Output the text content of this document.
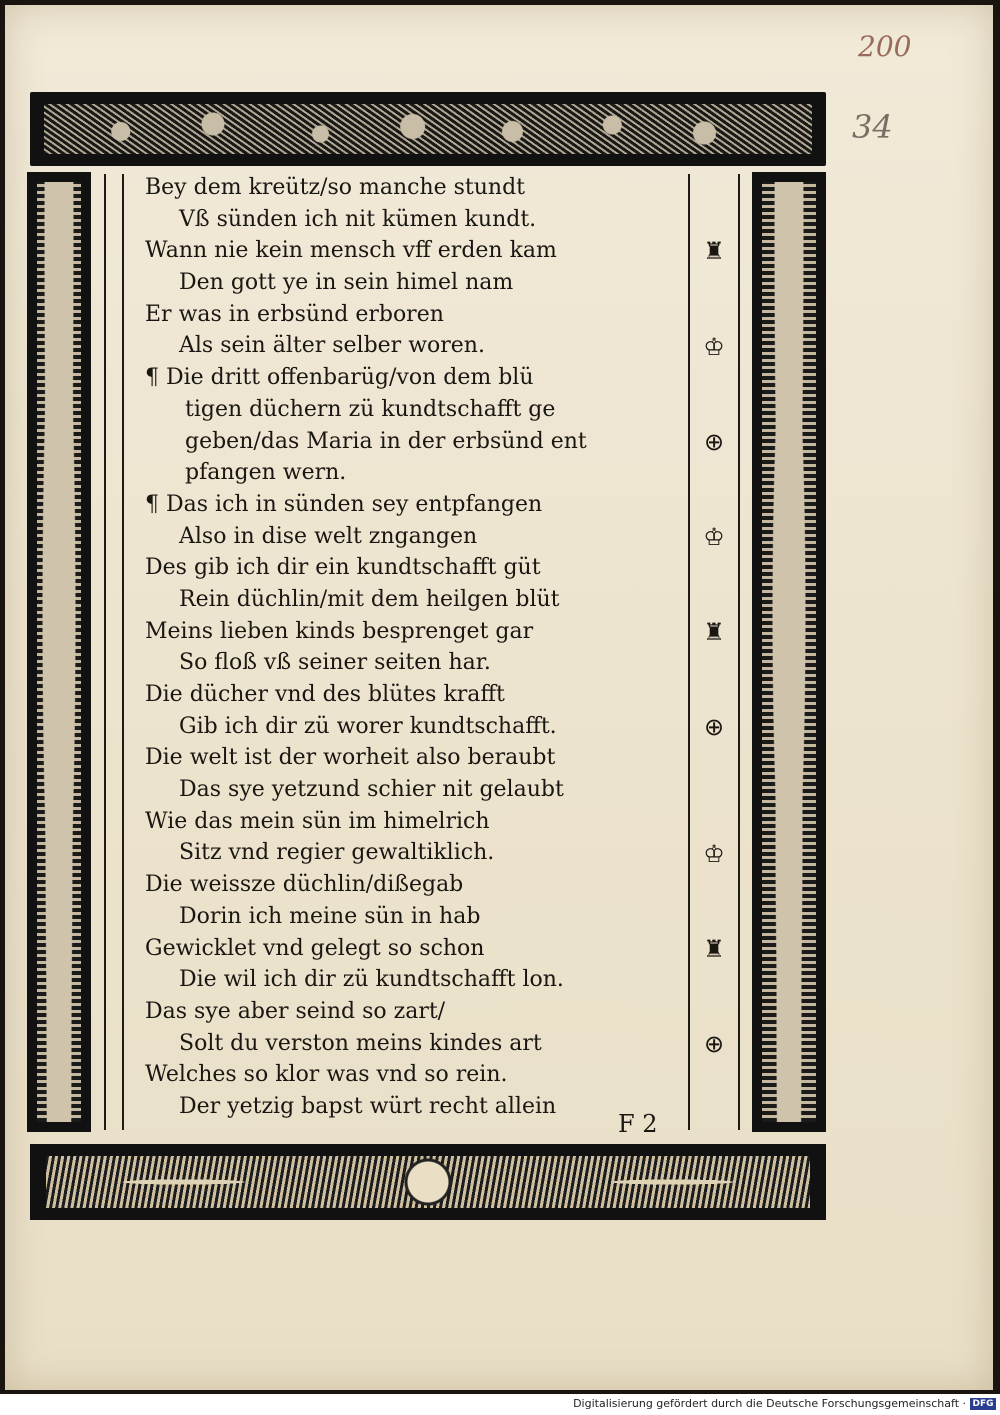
200
34
Bey dem kreütz/so manche stundt
Vß sünden ich nit kümen kundt.
Wann nie kein mensch vff erden kam
Den gott ye in sein himel nam
Er was in erbsünd erboren
Als sein älter selber woren.
¶ Die dritt offenbarüg/von dem blü
tigen düchern zü kundtschafft ge
geben/das Maria in der erbsünd ent
pfangen wern.
¶ Das ich in sünden sey entpfangen
Also in dise welt zngangen
Des gib ich dir ein kundtschafft güt
Rein düchlin/mit dem heilgen blüt
Meins lieben kinds besprenget gar
So floß vß seiner seiten har.
Die dücher vnd des blütes krafft
Gib ich dir zü worer kundtschafft.
Die welt ist der worheit also beraubt
Das sye yetzund schier nit gelaubt
Wie das mein sün im himelrich
Sitz vnd regier gewaltiklich.
Die weissze düchlin/dißegab
Dorin ich meine sün in hab
Gewicklet vnd gelegt so schon
Die wil ich dir zü kundtschafft lon.
Das sye aber seind so zart/
Solt du verston meins kindes art
Welches so klor was vnd so rein.
Der yetzig bapst würt recht allein
♜
♔
⊕
♔
♜
⊕
♔
♜
⊕
F 2
Digitalisierung gefördert durch die Deutsche Forschungsgemeinschaft · DFG
